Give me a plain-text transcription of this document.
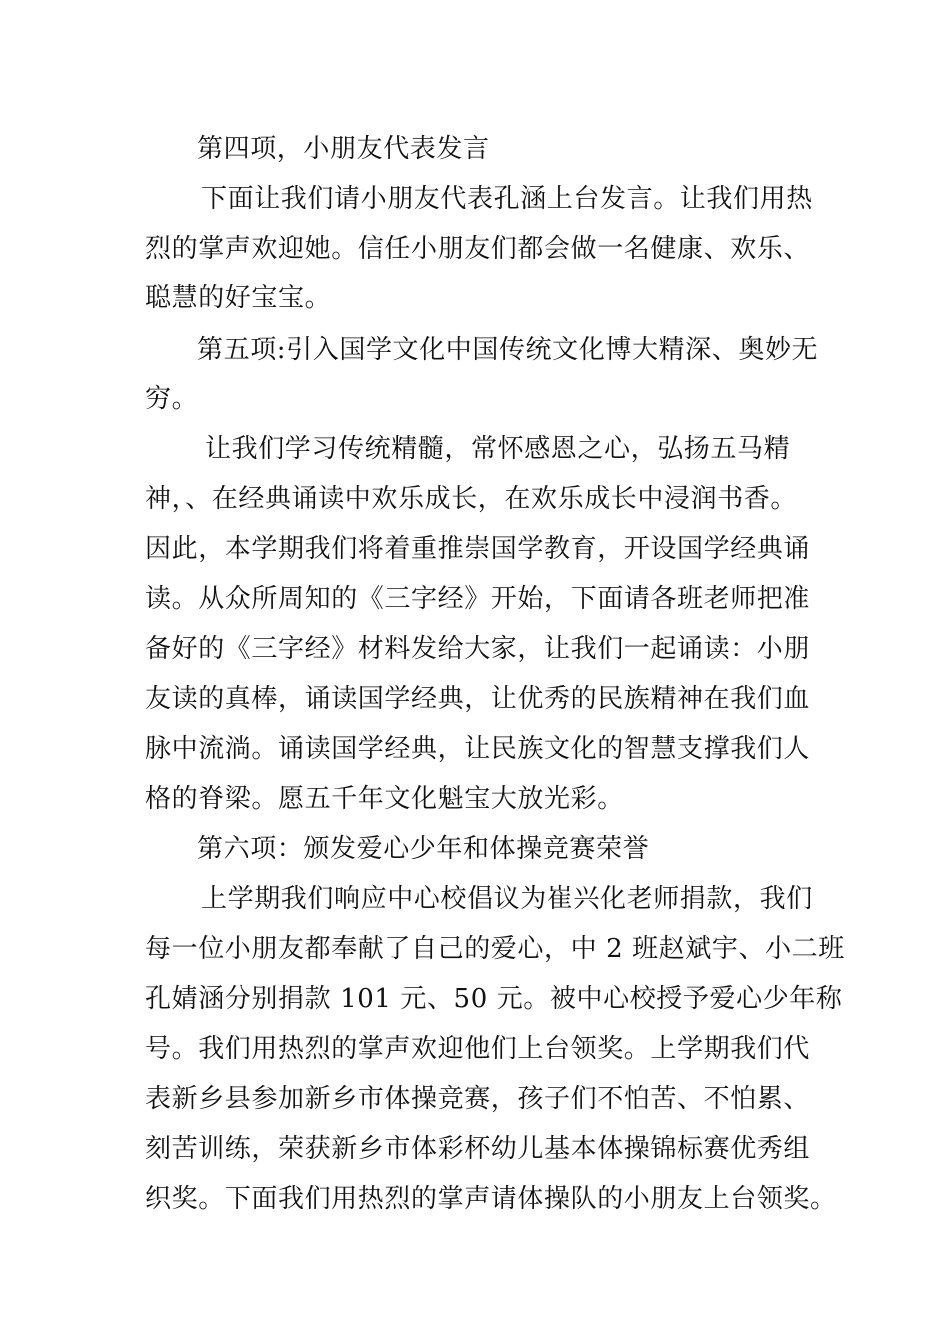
第四项，小朋友代表发言
下面让我们请小朋友代表孔涵上台发言。让我们用热
烈的掌声欢迎她。信任小朋友们都会做一名健康、欢乐、
聪慧的好宝宝。
第五项:引入国学文化中国传统文化博大精深、奥妙无
穷。
让我们学习传统精髓，常怀感恩之心，弘扬五马精
神，、在经典诵读中欢乐成长，在欢乐成长中浸润书香。
因此，本学期我们将着重推崇国学教育，开设国学经典诵
读。从众所周知的《三字经》开始，下面请各班老师把准
备好的《三字经》材料发给大家，让我们一起诵读：小朋
友读的真棒，诵读国学经典，让优秀的民族精神在我们血
脉中流淌。诵读国学经典，让民族文化的智慧支撑我们人
格的脊梁。愿五千年文化魁宝大放光彩。
第六项：颁发爱心少年和体操竞赛荣誉
上学期我们响应中心校倡议为崔兴化老师捐款，我们
每一位小朋友都奉献了自己的爱心，中 2 班赵斌宇、小二班
孔婧涵分别捐款 101 元、50 元。被中心校授予爱心少年称
号。我们用热烈的掌声欢迎他们上台领奖。上学期我们代
表新乡县参加新乡市体操竞赛，孩子们不怕苦、不怕累、
刻苦训练，荣获新乡市体彩杯幼儿基本体操锦标赛优秀组
织奖。下面我们用热烈的掌声请体操队的小朋友上台领奖。
